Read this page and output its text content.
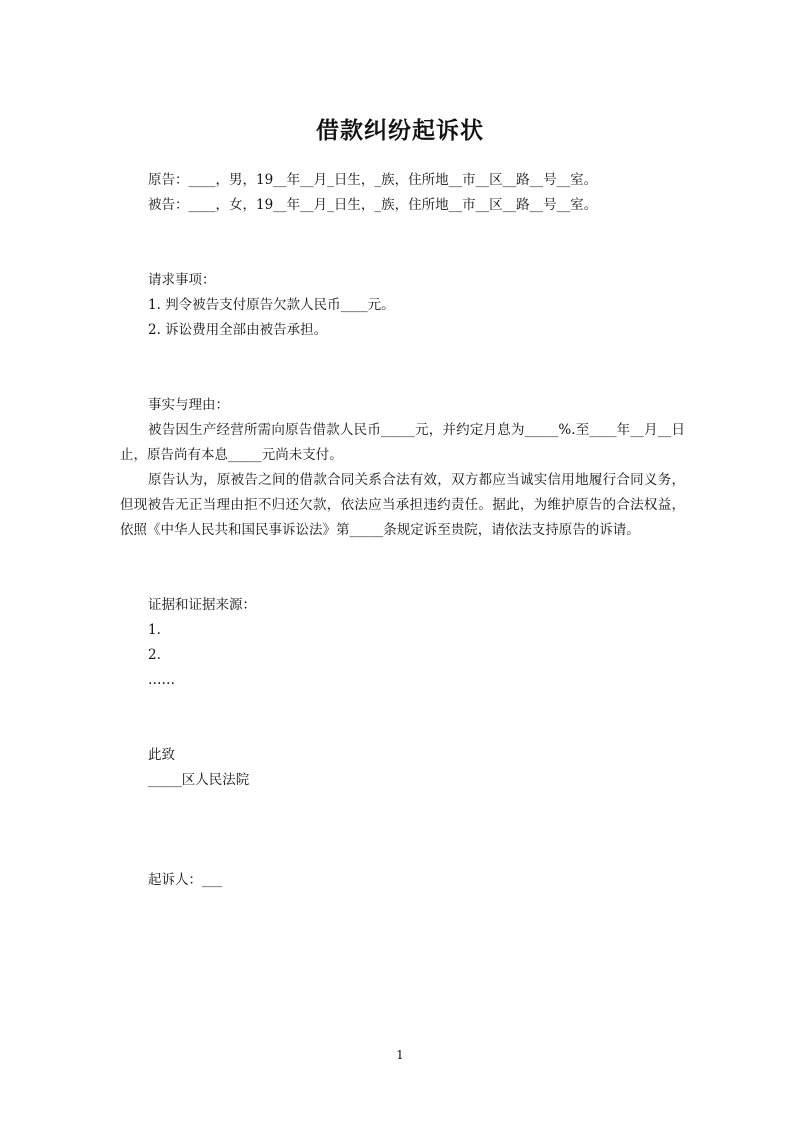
借款纠纷起诉状
原告：____，男，19__年__月_日生，_族，住所地__市__区__路__号__室。
被告：____，女，19__年__月_日生，_族，住所地__市__区__路__号__室。
请求事项：
1. 判令被告支付原告欠款人民币____元。
2. 诉讼费用全部由被告承担。
事实与理由：
被告因生产经营所需向原告借款人民币_____元，并约定月息为_____%.至____年__月__日止，原告尚有本息_____元尚未支付。
原告认为，原被告之间的借款合同关系合法有效，双方都应当诚实信用地履行合同义务，但现被告无正当理由拒不归还欠款，依法应当承担违约责任。据此，为维护原告的合法权益，依照《中华人民共和国民事诉讼法》第_____条规定诉至贵院，请依法支持原告的诉请。
证据和证据来源：
1.
2.
……
此致
_____区人民法院
起诉人：___
1
